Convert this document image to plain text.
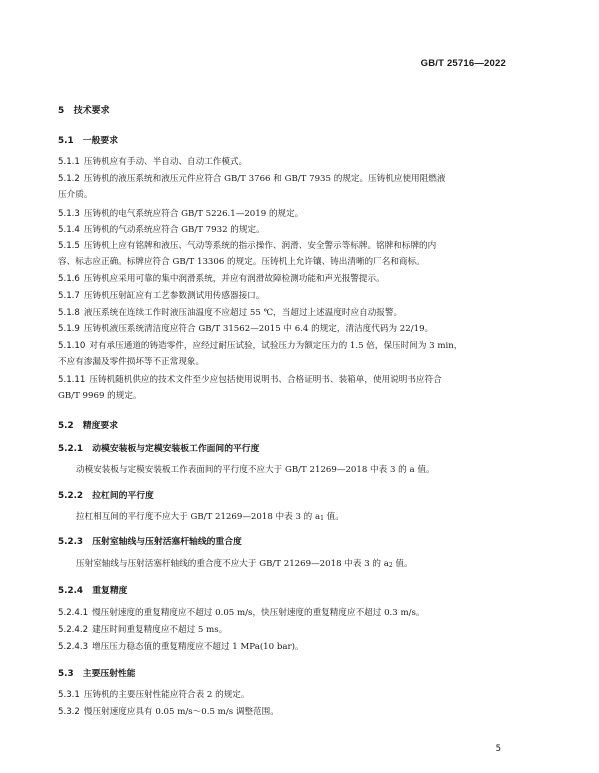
GB/T 25716—2022
5 技术要求
5.1 一般要求
5.1.1 压铸机应有手动、半自动、自动工作模式。
5.1.2 压铸机的液压系统和液压元件应符合 GB/T 3766 和 GB/T 7935 的规定。压铸机应使用阻燃液
压介质。
5.1.3 压铸机的电气系统应符合 GB/T 5226.1—2019 的规定。
5.1.4 压铸机的气动系统应符合 GB/T 7932 的规定。
5.1.5 压铸机上应有铭牌和液压、气动等系统的指示操作、润滑、安全警示等标牌。铭牌和标牌的内
容、标志应正确。标牌应符合 GB/T 13306 的规定。压铸机上允许镶、铸出清晰的厂名和商标。
5.1.6 压铸机应采用可靠的集中润滑系统，并应有润滑故障检测功能和声光报警提示。
5.1.7 压铸机压射缸应有工艺参数测试用传感器接口。
5.1.8 液压系统在连续工作时液压油温度不应超过 55 ℃，当超过上述温度时应自动报警。
5.1.9 压铸机液压系统清洁度应符合 GB/T 31562—2015 中 6.4 的规定，清洁度代码为 22/19。
5.1.10 对有承压通道的铸造零件，应经过耐压试验，试验压力为额定压力的 1.5 倍，保压时间为 3 min，
不应有渗漏及零件损坏等不正常现象。
5.1.11 压铸机随机供应的技术文件至少应包括使用说明书、合格证明书、装箱单，使用说明书应符合
GB/T 9969 的规定。
5.2 精度要求
5.2.1 动模安装板与定模安装板工作面间的平行度
动模安装板与定模安装板工作表面间的平行度不应大于 GB/T 21269—2018 中表 3 的 a 值。
5.2.2 拉杠间的平行度
拉杠相互间的平行度不应大于 GB/T 21269—2018 中表 3 的 a1 值。
5.2.3 压射室轴线与压射活塞杆轴线的重合度
压射室轴线与压射活塞杆轴线的重合度不应大于 GB/T 21269—2018 中表 3 的 a2 值。
5.2.4 重复精度
5.2.4.1 慢压射速度的重复精度应不超过 0.05 m/s，快压射速度的重复精度应不超过 0.3 m/s。
5.2.4.2 建压时间重复精度应不超过 5 ms。
5.2.4.3 增压压力稳态值的重复精度应不超过 1 MPa(10 bar)。
5.3 主要压射性能
5.3.1 压铸机的主要压射性能应符合表 2 的规定。
5.3.2 慢压射速度应具有 0.05 m/s～0.5 m/s 调整范围。
5
